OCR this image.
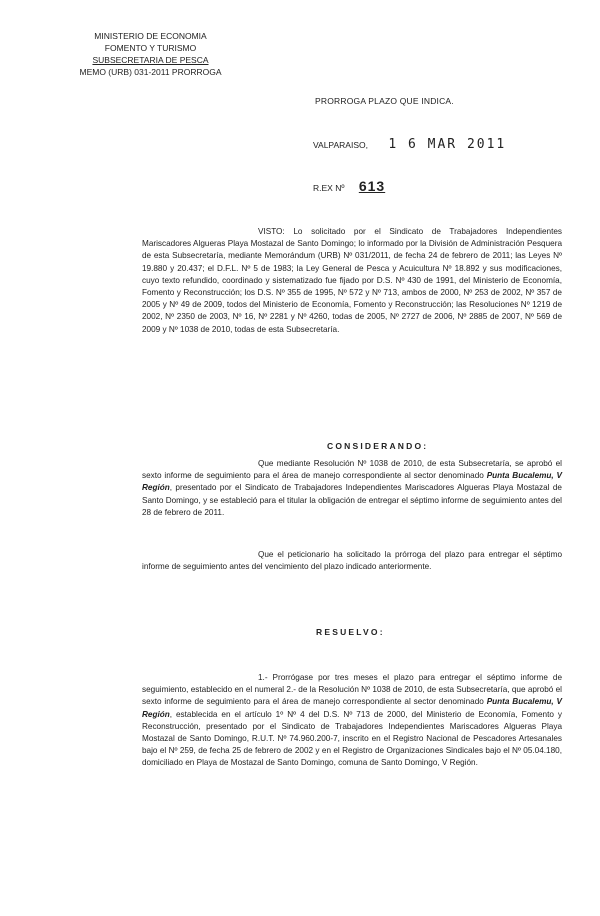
MINISTERIO DE ECONOMIA
FOMENTO Y TURISMO
SUBSECRETARIA DE PESCA
MEMO (URB) 031-2011 PRORROGA
PRORROGA PLAZO QUE INDICA.
VALPARAISO, 1 6 MAR 2011
R.EX Nº 613
VISTO: Lo solicitado por el Sindicato de Trabajadores Independientes Mariscadores Algueras Playa Mostazal de Santo Domingo; lo informado por la División de Administración Pesquera de esta Subsecretaría, mediante Memorándum (URB) Nº 031/2011, de fecha 24 de febrero de 2011; las Leyes Nº 19.880 y 20.437; el D.F.L. Nº 5 de 1983; la Ley General de Pesca y Acuicultura Nº 18.892 y sus modificaciones, cuyo texto refundido, coordinado y sistematizado fue fijado por D.S. Nº 430 de 1991, del Ministerio de Economía, Fomento y Reconstrucción; los D.S. Nº 355 de 1995, Nº 572 y Nº 713, ambos de 2000, Nº 253 de 2002, Nº 357 de 2005 y Nº 49 de 2009, todos del Ministerio de Economía, Fomento y Reconstrucción; las Resoluciones Nº 1219 de 2002, Nº 2350 de 2003, Nº 16, Nº 2281 y Nº 4260, todas de 2005, Nº 2727 de 2006, Nº 2885 de 2007, Nº 569 de 2009 y Nº 1038 de 2010, todas de esta Subsecretaría.
CONSIDERANDO:
Que mediante Resolución Nº 1038 de 2010, de esta Subsecretaría, se aprobó el sexto informe de seguimiento para el área de manejo correspondiente al sector denominado Punta Bucalemu, V Región, presentado por el Sindicato de Trabajadores Independientes Mariscadores Algueras Playa Mostazal de Santo Domingo, y se estableció para el titular la obligación de entregar el séptimo informe de seguimiento antes del 28 de febrero de 2011.
Que el peticionario ha solicitado la prórroga del plazo para entregar el séptimo informe de seguimiento antes del vencimiento del plazo indicado anteriormente.
RESUELVO:
1.- Prorrógase por tres meses el plazo para entregar el séptimo informe de seguimiento, establecido en el numeral 2.- de la Resolución Nº 1038 de 2010, de esta Subsecretaría, que aprobó el sexto informe de seguimiento para el área de manejo correspondiente al sector denominado Punta Bucalemu, V Región, establecida en el artículo 1º Nº 4 del D.S. Nº 713 de 2000, del Ministerio de Economía, Fomento y Reconstrucción, presentado por el Sindicato de Trabajadores Independientes Mariscadores Algueras Playa Mostazal de Santo Domingo, R.U.T. Nº 74.960.200-7, inscrito en el Registro Nacional de Pescadores Artesanales bajo el Nº 259, de fecha 25 de febrero de 2002 y en el Registro de Organizaciones Sindicales bajo el Nº 05.04.180, domiciliado en Playa de Mostazal de Santo Domingo, comuna de Santo Domingo, V Región.
